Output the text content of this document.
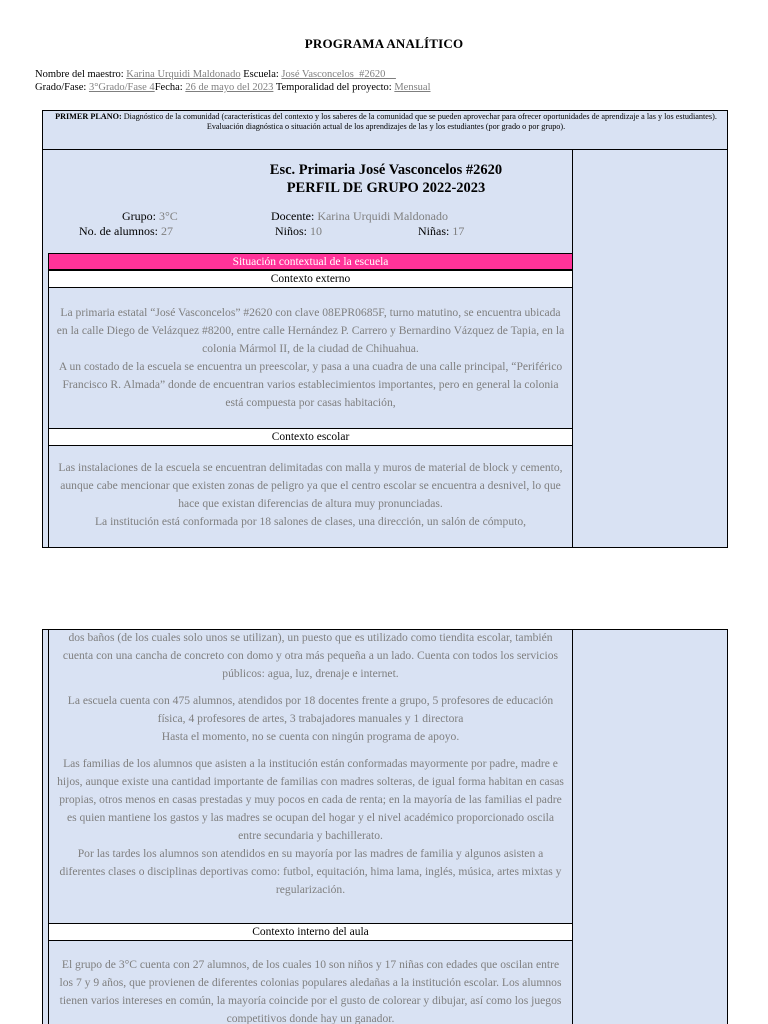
PROGRAMA ANALÍTICO
Nombre del maestro: Karina Urquidi Maldonado Escuela: José Vasconcelos_#2620__
Grado/Fase: 3°Grado/Fase 4Fecha: 26 de mayo del 2023 Temporalidad del proyecto: Mensual
PRIMER PLANO: Diagnóstico de la comunidad (características del contexto y los saberes de la comunidad que se pueden aprovechar para ofrecer oportunidades de aprendizaje a las y los estudiantes). Evaluación diagnóstica o situación actual de los aprendizajes de las y los estudiantes (por grado o por grupo).
Esc. Primaria José Vasconcelos #2620
PERFIL DE GRUPO 2022-2023
Grupo: 3°C
No. de alumnos: 27
Docente: Karina Urquidi Maldonado
Niños: 10	Niñas: 17
Situación contextual de la escuela
Contexto externo

La primaria estatal “José Vasconcelos” #2620 con clave 08EPR0685F, turno matutino, se encuentra ubicada en la calle Diego de Velázquez #8200, entre calle Hernández P. Carrero y Bernardino Vázquez de Tapia, en la colonia Mármol II, de la ciudad de Chihuahua.

A un costado de la escuela se encuentra un preescolar, y pasa a una cuadra de una calle principal, “Periférico Francisco R. Almada” donde de encuentran varios establecimientos importantes, pero en general la colonia está compuesta por casas habitación,

Contexto escolar

Las instalaciones de la escuela se encuentran delimitadas con malla y muros de material de block y cemento, aunque cabe mencionar que existen zonas de peligro ya que el centro escolar se encuentra a desnivel, lo que hace que existan diferencias de altura muy pronunciadas.

La institución está conformada por 18 salones de clases, una dirección, un salón de cómputo,

dos baños (de los cuales solo unos se utilizan), un puesto que es utilizado como tiendita escolar, también cuenta con una cancha de concreto con domo y otra más pequeña a un lado. Cuenta con todos los servicios públicos: agua, luz, drenaje e internet.

La escuela cuenta con 475 alumnos, atendidos por 18 docentes frente a grupo, 5 profesores de educación física, 4 profesores de artes, 3 trabajadores manuales y 1 directora

Hasta el momento, no se cuenta con ningún programa de apoyo.

Las familias de los alumnos que asisten a la institución están conformadas mayormente por padre, madre e hijos, aunque existe una cantidad importante de familias con madres solteras, de igual forma habitan en casas propias, otros menos en casas prestadas y muy pocos en cada de renta; en la mayoría de las familias el padre es quien mantiene los gastos y las madres se ocupan del hogar y el nivel académico proporcionado oscila entre secundaria y bachillerato.

Por las tardes los alumnos son atendidos en su mayoría por las madres de familia y algunos asisten a diferentes clases o disciplinas deportivas como: futbol, equitación, hima lama, inglés, música, artes mixtas y regularización.

Contexto interno del aula

El grupo de 3°C cuenta con 27 alumnos, de los cuales 10 son niños y 17 niñas con edades que oscilan entre los 7 y 9 años, que provienen de diferentes colonias populares aledañas a la institución escolar. Los alumnos tienen varios intereses en común, la mayoría coincide por el gusto de colorear y dibujar, así como los juegos competitivos donde hay un ganador.
